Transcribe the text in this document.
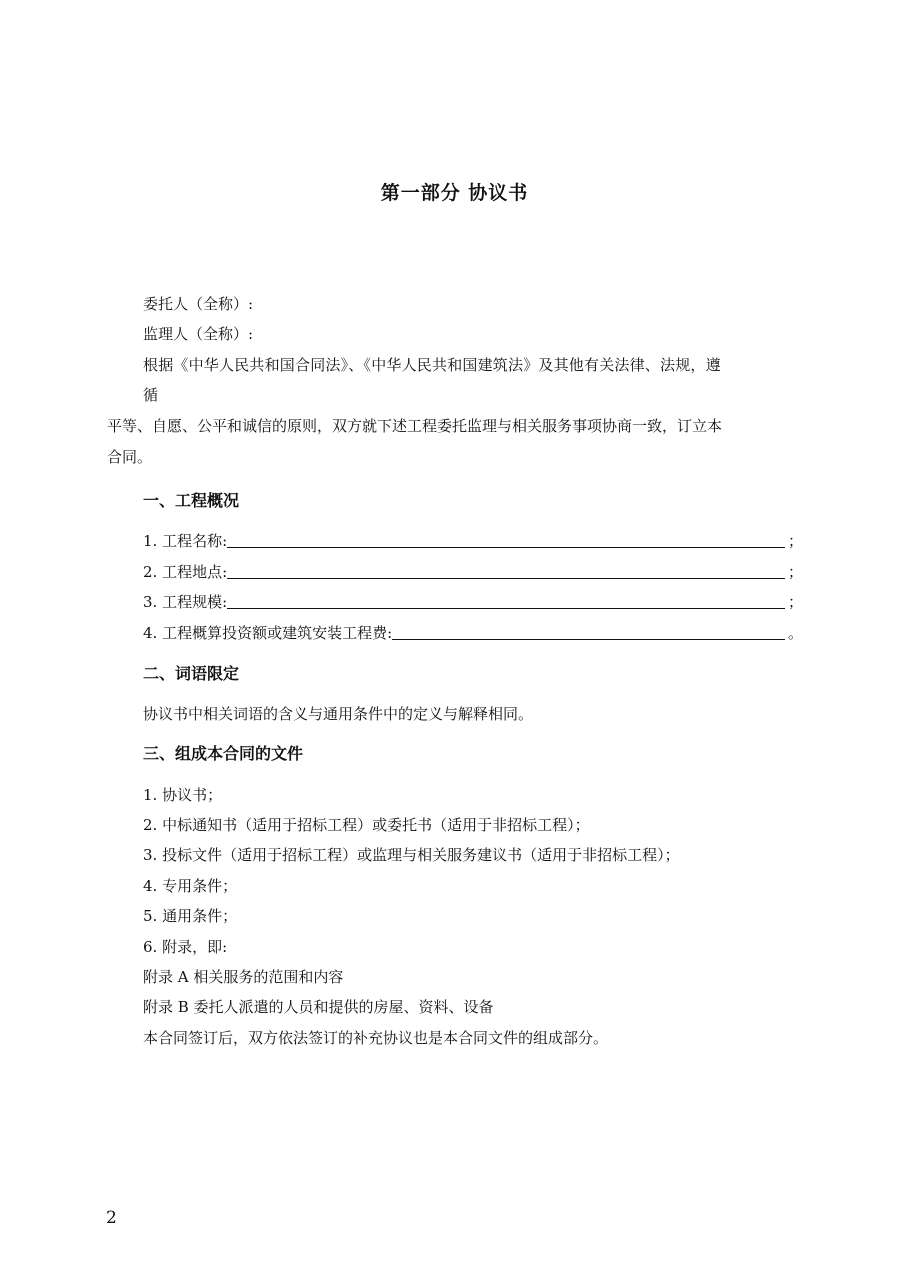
第一部分 协议书
委托人（全称）:
监理人（全称）:
根据《中华人民共和国合同法》、《中华人民共和国建筑法》及其他有关法律、法规，遵
循
平等、自愿、公平和诚信的原则，双方就下述工程委托监理与相关服务事项协商一致，订立本
合同。
一、工程概况
1. 工程名称:	；
2. 工程地点:	；
3. 工程规模:	；
4. 工程概算投资额或建筑安装工程费:	。
二、词语限定
协议书中相关词语的含义与通用条件中的定义与解释相同。
三、组成本合同的文件
1. 协议书；
2. 中标通知书（适用于招标工程）或委托书（适用于非招标工程）；
3. 投标文件（适用于招标工程）或监理与相关服务建议书（适用于非招标工程）；
4. 专用条件；
5. 通用条件；
6. 附录，即:
附录 A 相关服务的范围和内容
附录 B 委托人派遣的人员和提供的房屋、资料、设备
本合同签订后，双方依法签订的补充协议也是本合同文件的组成部分。
2
